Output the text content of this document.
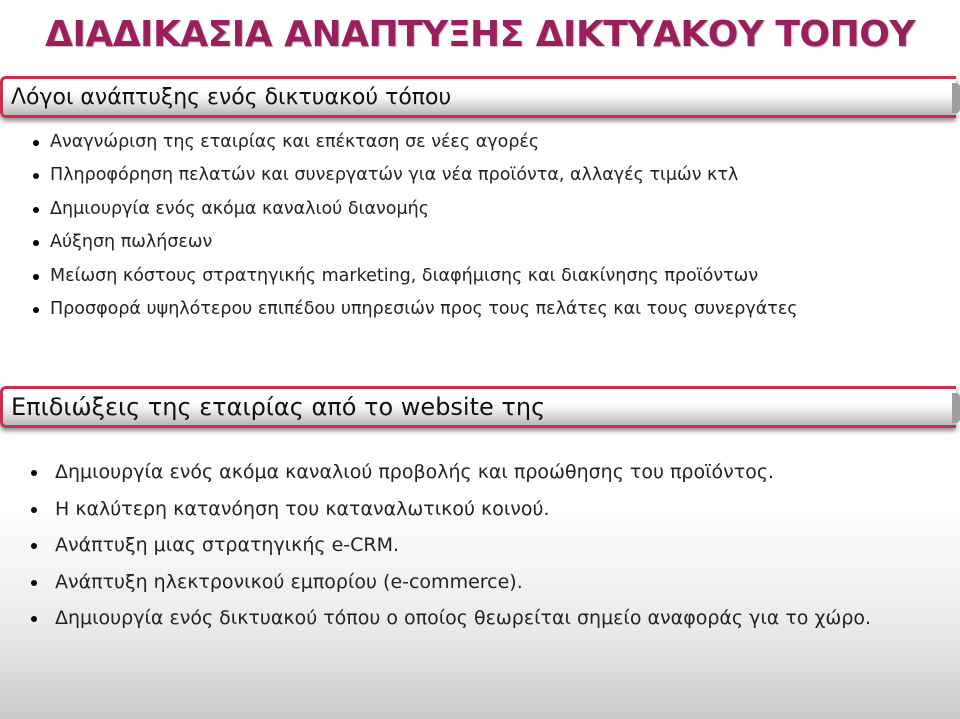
ΔΙΑΔΙΚΑΣΙΑ ΑΝΑΠΤΥΞΗΣ ΔΙΚΤΥΑΚΟΥ ΤΟΠΟΥ
Λόγοι ανάπτυξης ενός δικτυακού τόπου
Αναγνώριση της εταιρίας και επέκταση σε νέες αγορές
Πληροφόρηση πελατών και συνεργατών για νέα προϊόντα, αλλαγές τιμών κτλ
Δημιουργία ενός ακόμα καναλιού διανομής
Αύξηση πωλήσεων
Μείωση κόστους στρατηγικής marketing, διαφήμισης και διακίνησης προϊόντων
Προσφορά υψηλότερου επιπέδου υπηρεσιών προς τους πελάτες και τους συνεργάτες
Επιδιώξεις της εταιρίας από το website της
Δημιουργία ενός ακόμα καναλιού προβολής και προώθησης του προϊόντος.
Η καλύτερη κατανόηση του καταναλωτικού κοινού.
Ανάπτυξη μιας στρατηγικής e-CRM.
Ανάπτυξη ηλεκτρονικού εμπορίου (e-commerce).
Δημιουργία ενός δικτυακού τόπου ο οποίος θεωρείται σημείο αναφοράς για το χώρο.
